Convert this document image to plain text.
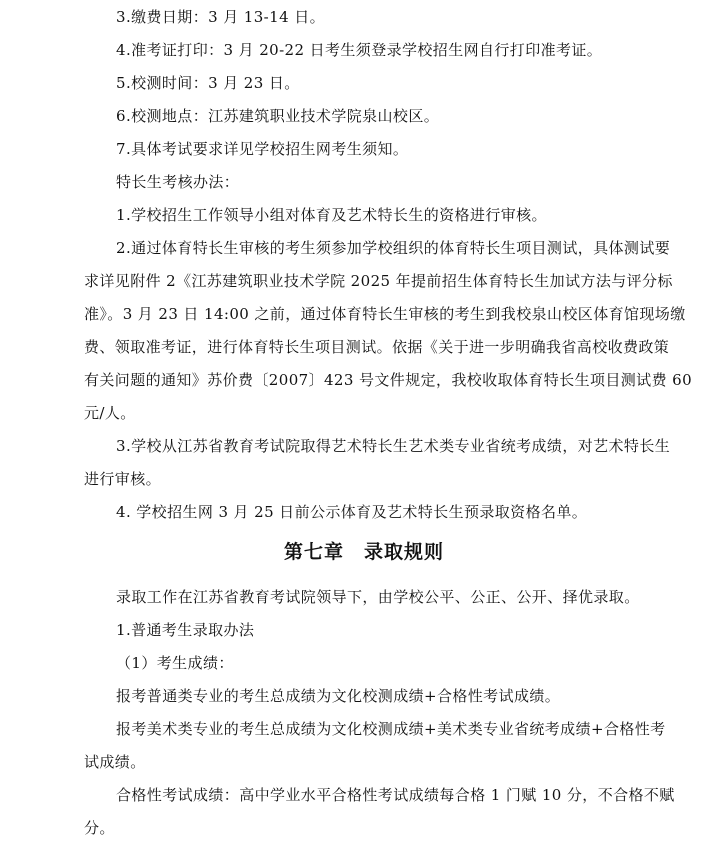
3.缴费日期：3 月 13-14 日。
4.准考证打印：3 月 20-22 日考生须登录学校招生网自行打印准考证。
5.校测时间：3 月 23 日。
6.校测地点：江苏建筑职业技术学院泉山校区。
7.具体考试要求详见学校招生网考生须知。
特长生考核办法：
1.学校招生工作领导小组对体育及艺术特长生的资格进行审核。
2.通过体育特长生审核的考生须参加学校组织的体育特长生项目测试，具体测试要
求详见附件 2《江苏建筑职业技术学院 2025 年提前招生体育特长生加试方法与评分标
准》。3 月 23 日 14:00 之前，通过体育特长生审核的考生到我校泉山校区体育馆现场缴
费、领取准考证，进行体育特长生项目测试。依据《关于进一步明确我省高校收费政策
有关问题的通知》苏价费〔2007〕423 号文件规定，我校收取体育特长生项目测试费 60
元/人。
3.学校从江苏省教育考试院取得艺术特长生艺术类专业省统考成绩，对艺术特长生
进行审核。
4. 学校招生网 3 月 25 日前公示体育及艺术特长生预录取资格名单。
第七章　录取规则
录取工作在江苏省教育考试院领导下，由学校公平、公正、公开、择优录取。
1.普通考生录取办法
（1）考生成绩：
报考普通类专业的考生总成绩为文化校测成绩+合格性考试成绩。
报考美术类专业的考生总成绩为文化校测成绩+美术类专业省统考成绩+合格性考
试成绩。
合格性考试成绩：高中学业水平合格性考试成绩每合格 1 门赋 10 分，不合格不赋
分。
